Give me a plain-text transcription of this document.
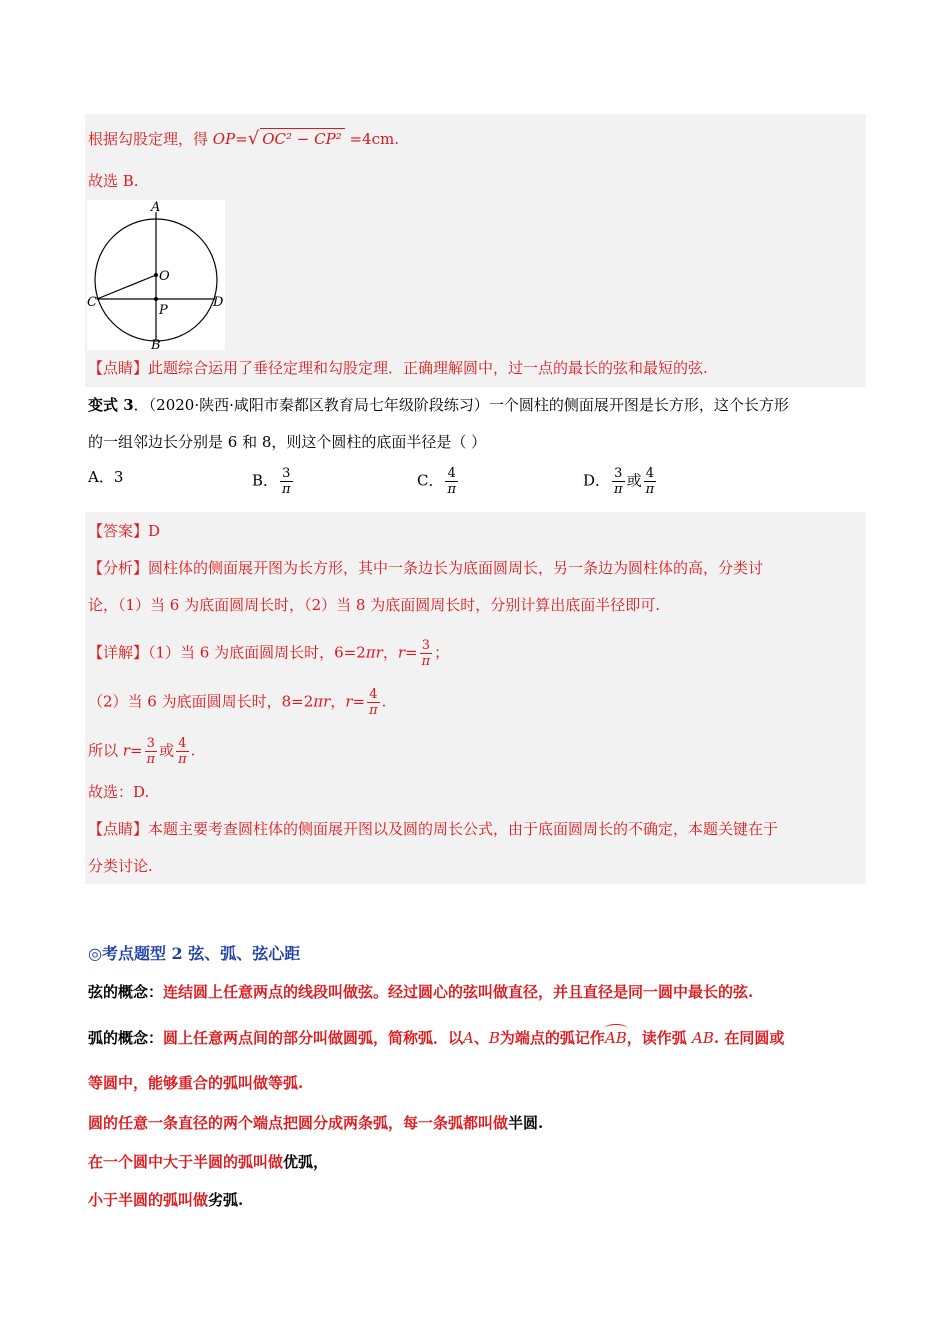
根据勾股定理，得 OP=√ OC² − CP² =4cm.
故选 B.
A
O
C
P
D
B
【点睛】此题综合运用了垂径定理和勾股定理．正确理解圆中，过一点的最长的弦和最短的弦.
变式 3．（2020·陕西·咸阳市秦都区教育局七年级阶段练习）一个圆柱的侧面展开图是长方形，这个长方形
的一组邻边长分别是 6 和 8，则这个圆柱的底面半径是（ ）
A．3	B． $\frac{3}{\pi}$	C． $\frac{4}{\pi}$	D． $\frac{3}{\pi}$ 或 $\frac{4}{\pi}$
【答案】D
【分析】圆柱体的侧面展开图为长方形，其中一条边长为底面圆周长，另一条边为圆柱体的高，分类讨
论，（1）当 6 为底面圆周长时，（2）当 8 为底面圆周长时，分别计算出底面半径即可.
【详解】（1）当 6 为底面圆周长时，6=2πr，$r= \frac{3}{\pi}$ ；
（2）当 6 为底面圆周长时，8=2πr，$r= \frac{4}{\pi}$ .
所以 $r= \frac{3}{\pi}$ 或 $\frac{4}{\pi}$ .
故选：D.
【点睛】本题主要考查圆柱体的侧面展开图以及圆的周长公式，由于底面圆周长的不确定，本题关键在于
分类讨论.
◎考点题型 2 弦、弧、弦心距
弦的概念：连结圆上任意两点的线段叫做弦。经过圆心的弦叫做直径，并且直径是同一圆中最长的弦.
弧的概念：圆上任意两点间的部分叫做圆弧，简称弧．以A、B为端点的弧记作AB，读作弧 AB. 在同圆或
等圆中，能够重合的弧叫做等弧.
圆的任意一条直径的两个端点把圆分成两条弧，每一条弧都叫做半圆.
在一个圆中大于半圆的弧叫做优弧，
小于半圆的弧叫做劣弧.
